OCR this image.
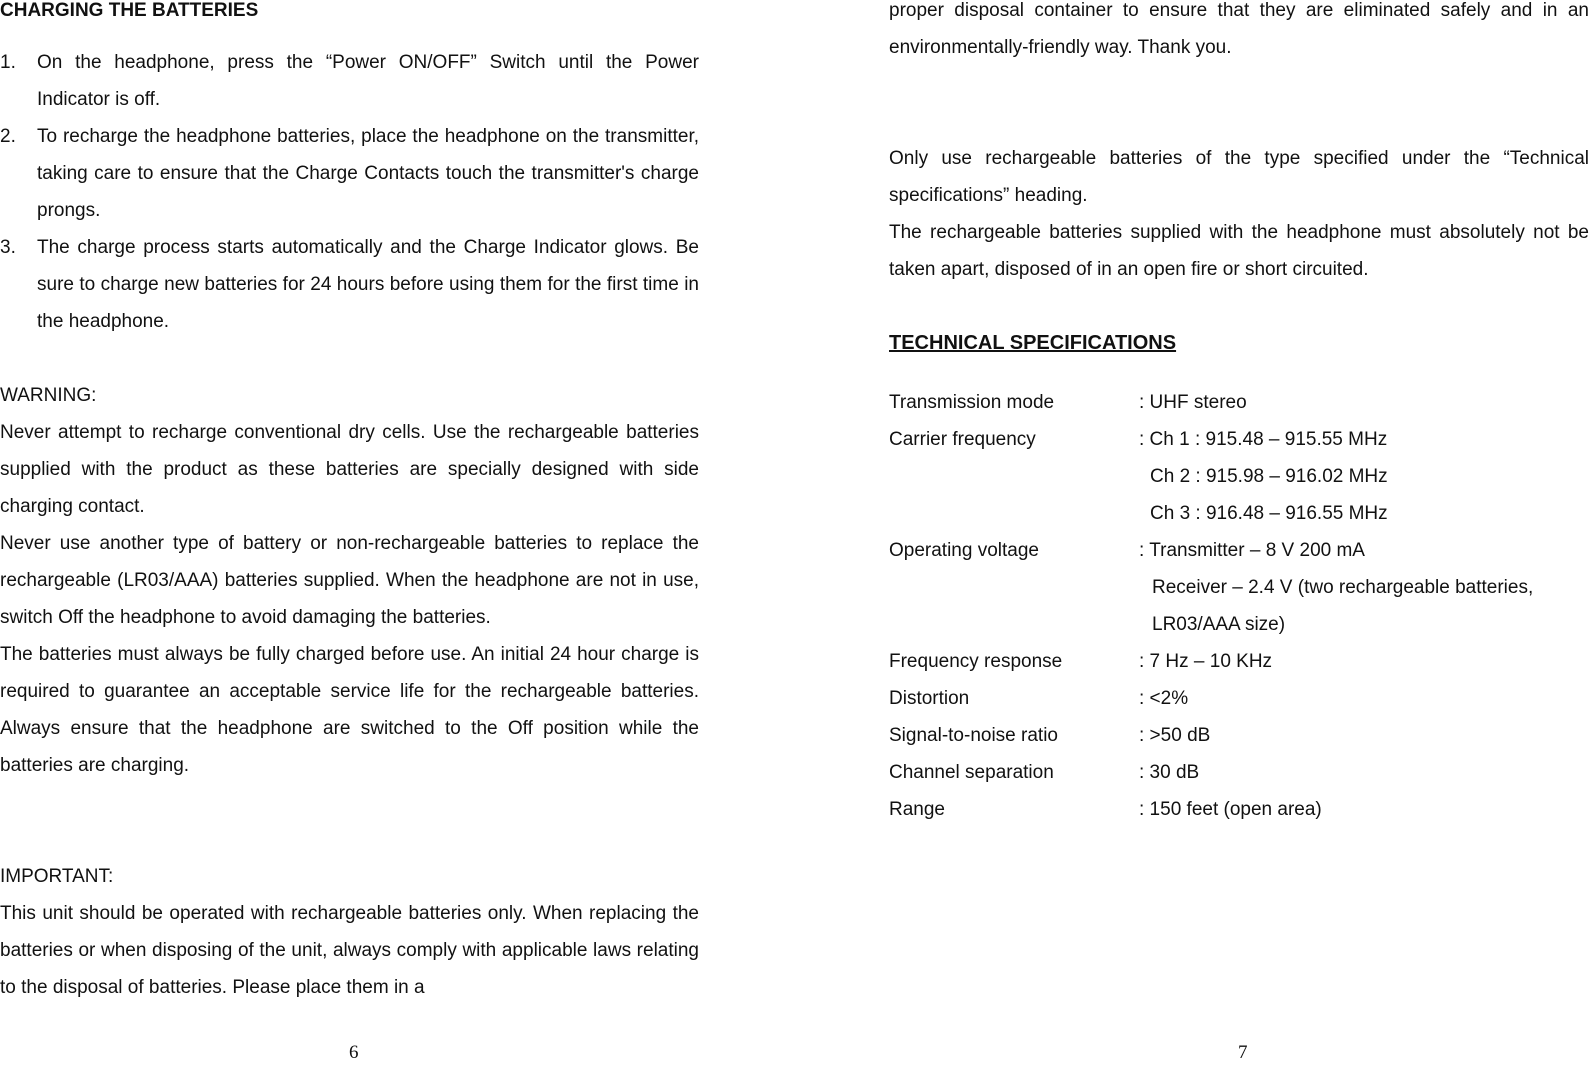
CHARGING THE BATTERIES

1. On the headphone, press the “Power ON/OFF” Switch until the Power Indicator is off.
2. To recharge the headphone batteries, place the headphone on the transmitter, taking care to ensure that the Charge Contacts touch the transmitter's charge prongs.
3. The charge process starts automatically and the Charge Indicator glows. Be sure to charge new batteries for 24 hours before using them for the first time in the headphone.

WARNING:

Never attempt to recharge conventional dry cells. Use the rechargeable batteries supplied with the product as these batteries are specially designed with side charging contact.

Never use another type of battery or non-rechargeable batteries to replace the rechargeable (LR03/AAA) batteries supplied. When the headphone are not in use, switch Off the headphone to avoid damaging the batteries.

The batteries must always be fully charged before use. An initial 24 hour charge is required to guarantee an acceptable service life for the rechargeable batteries. Always ensure that the headphone are switched to the Off position while the batteries are charging.

IMPORTANT:

This unit should be operated with rechargeable batteries only. When replacing the batteries or when disposing of the unit, always comply with applicable laws relating to the disposal of batteries. Please place them in a

6

proper disposal container to ensure that they are eliminated safely and in an environmentally-friendly way. Thank you.

Only use rechargeable batteries of the type specified under the “Technical specifications” heading.

The rechargeable batteries supplied with the headphone must absolutely not be taken apart, disposed of in an open fire or short circuited.

TECHNICAL SPECIFICATIONS

Transmission mode	: UHF stereo
Carrier frequency	: Ch 1 : 915.48 – 915.55 MHz
Ch 2 : 915.98 – 916.02 MHz
Ch 3 : 916.48 – 916.55 MHz
Operating voltage	: Transmitter – 8 V 200 mA
Receiver – 2.4 V (two rechargeable batteries,
LR03/AAA size)
Frequency response	: 7 Hz – 10 KHz
Distortion	: <2%
Signal-to-noise ratio	: >50 dB
Channel separation	: 30 dB
Range	: 150 feet (open area)
7
